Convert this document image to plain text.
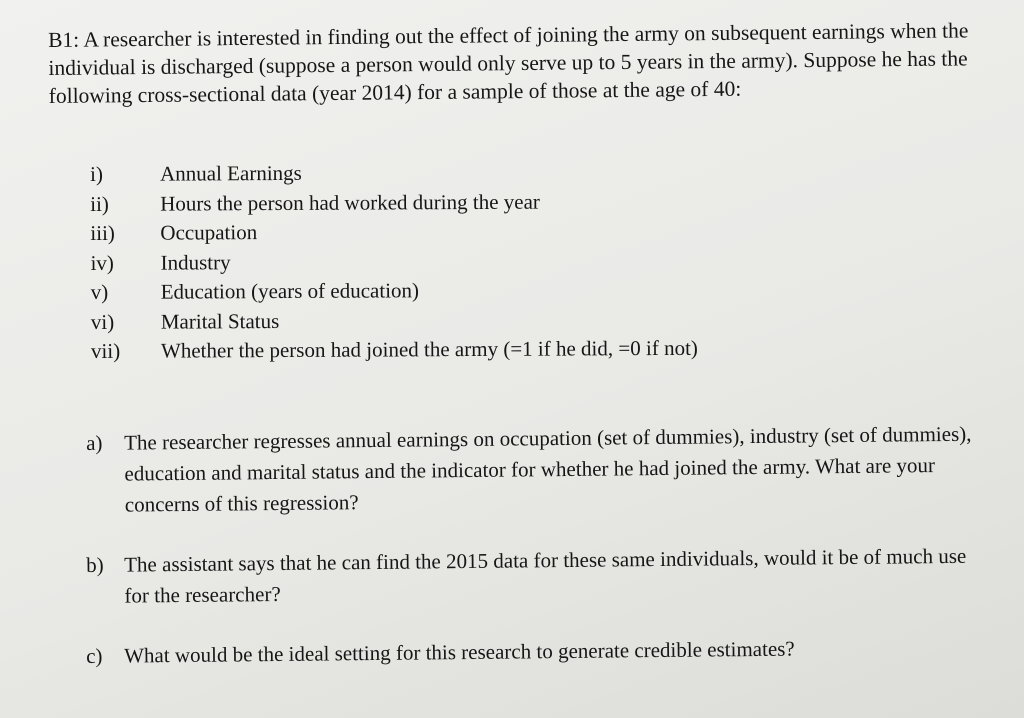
B1: A researcher is interested in finding out the effect of joining the army on subsequent earnings when the individual is discharged (suppose a person would only serve up to 5 years in the army). Suppose he has the following cross-sectional data (year 2014) for a sample of those at the age of 40:

i)	Annual Earnings
ii)	Hours the person had worked during the year
iii)	Occupation
iv)	Industry
v)	Education (years of education)
vi)	Marital Status
vii)	Whether the person had joined the army (=1 if he did, =0 if not)
a)	The researcher regresses annual earnings on occupation (set of dummies), industry (set of dummies), education and marital status and the indicator for whether he had joined the army. What are your concerns of this regression?
b) The assistant says that he can find the 2015 data for these same individuals, would it be of much use for the researcher?
c)	What would be the ideal setting for this research to generate credible estimates?
